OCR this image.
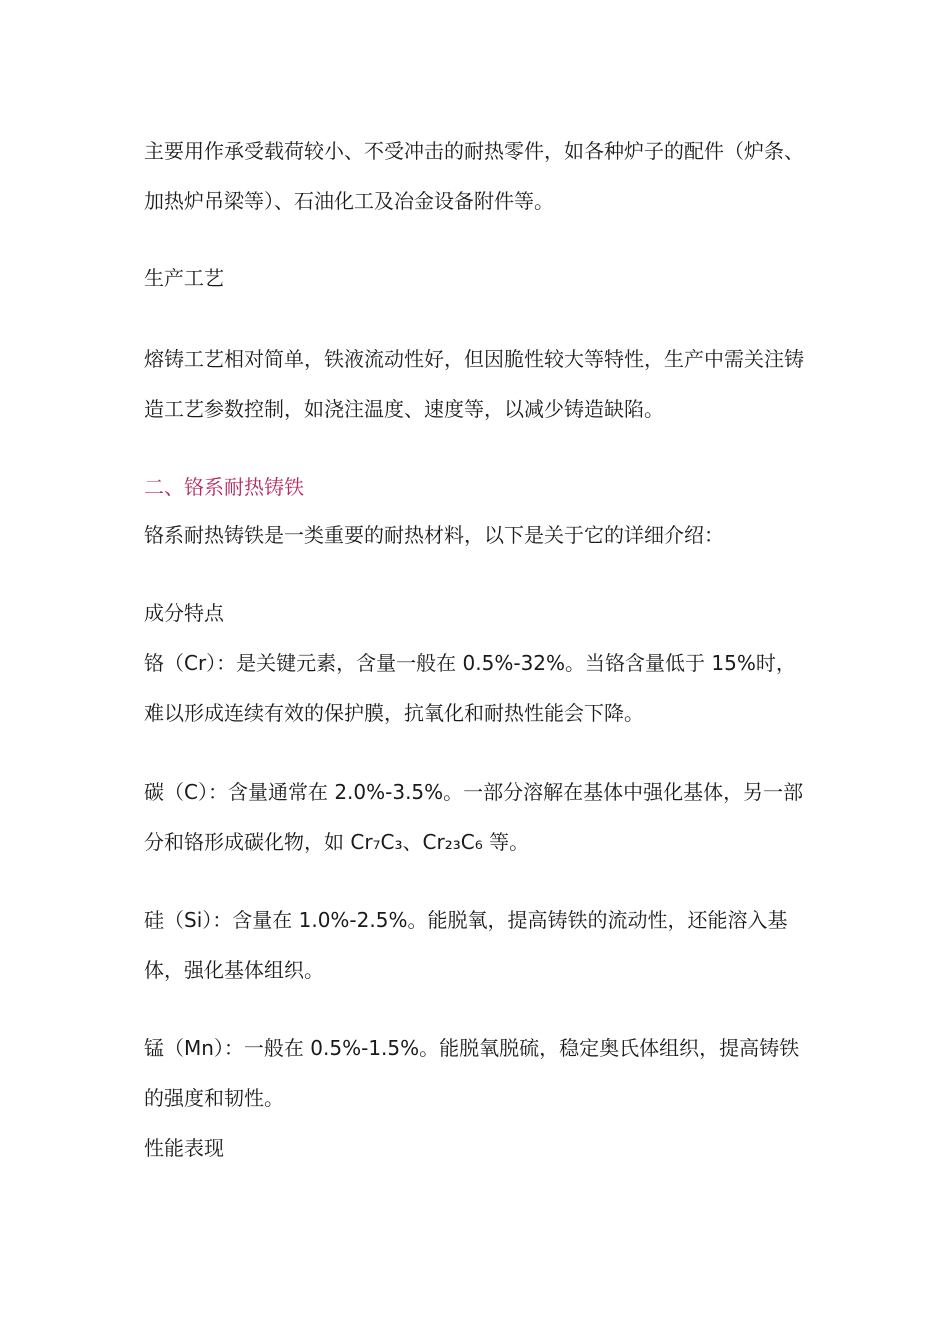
主要用作承受载荷较小、不受冲击的耐热零件，如各种炉子的配件（炉条、加热炉吊梁等）、石油化工及冶金设备附件等。

生产工艺

熔铸工艺相对简单，铁液流动性好，但因脆性较大等特性，生产中需关注铸造工艺参数控制，如浇注温度、速度等，以减少铸造缺陷。

二、铬系耐热铸铁

铬系耐热铸铁是一类重要的耐热材料，以下是关于它的详细介绍：

成分特点

铬（Cr）：是关键元素，含量一般在 0.5%-32%。当铬含量低于 15%时，难以形成连续有效的保护膜，抗氧化和耐热性能会下降。

碳（C）：含量通常在 2.0%-3.5%。一部分溶解在基体中强化基体，另一部分和铬形成碳化物，如 Cr₇C₃、Cr₂₃C₆ 等。

硅（Si）：含量在 1.0%-2.5%。能脱氧，提高铸铁的流动性，还能溶入基体，强化基体组织。

锰（Mn）：一般在 0.5%-1.5%。能脱氧脱硫，稳定奥氏体组织，提高铸铁的强度和韧性。

性能表现
